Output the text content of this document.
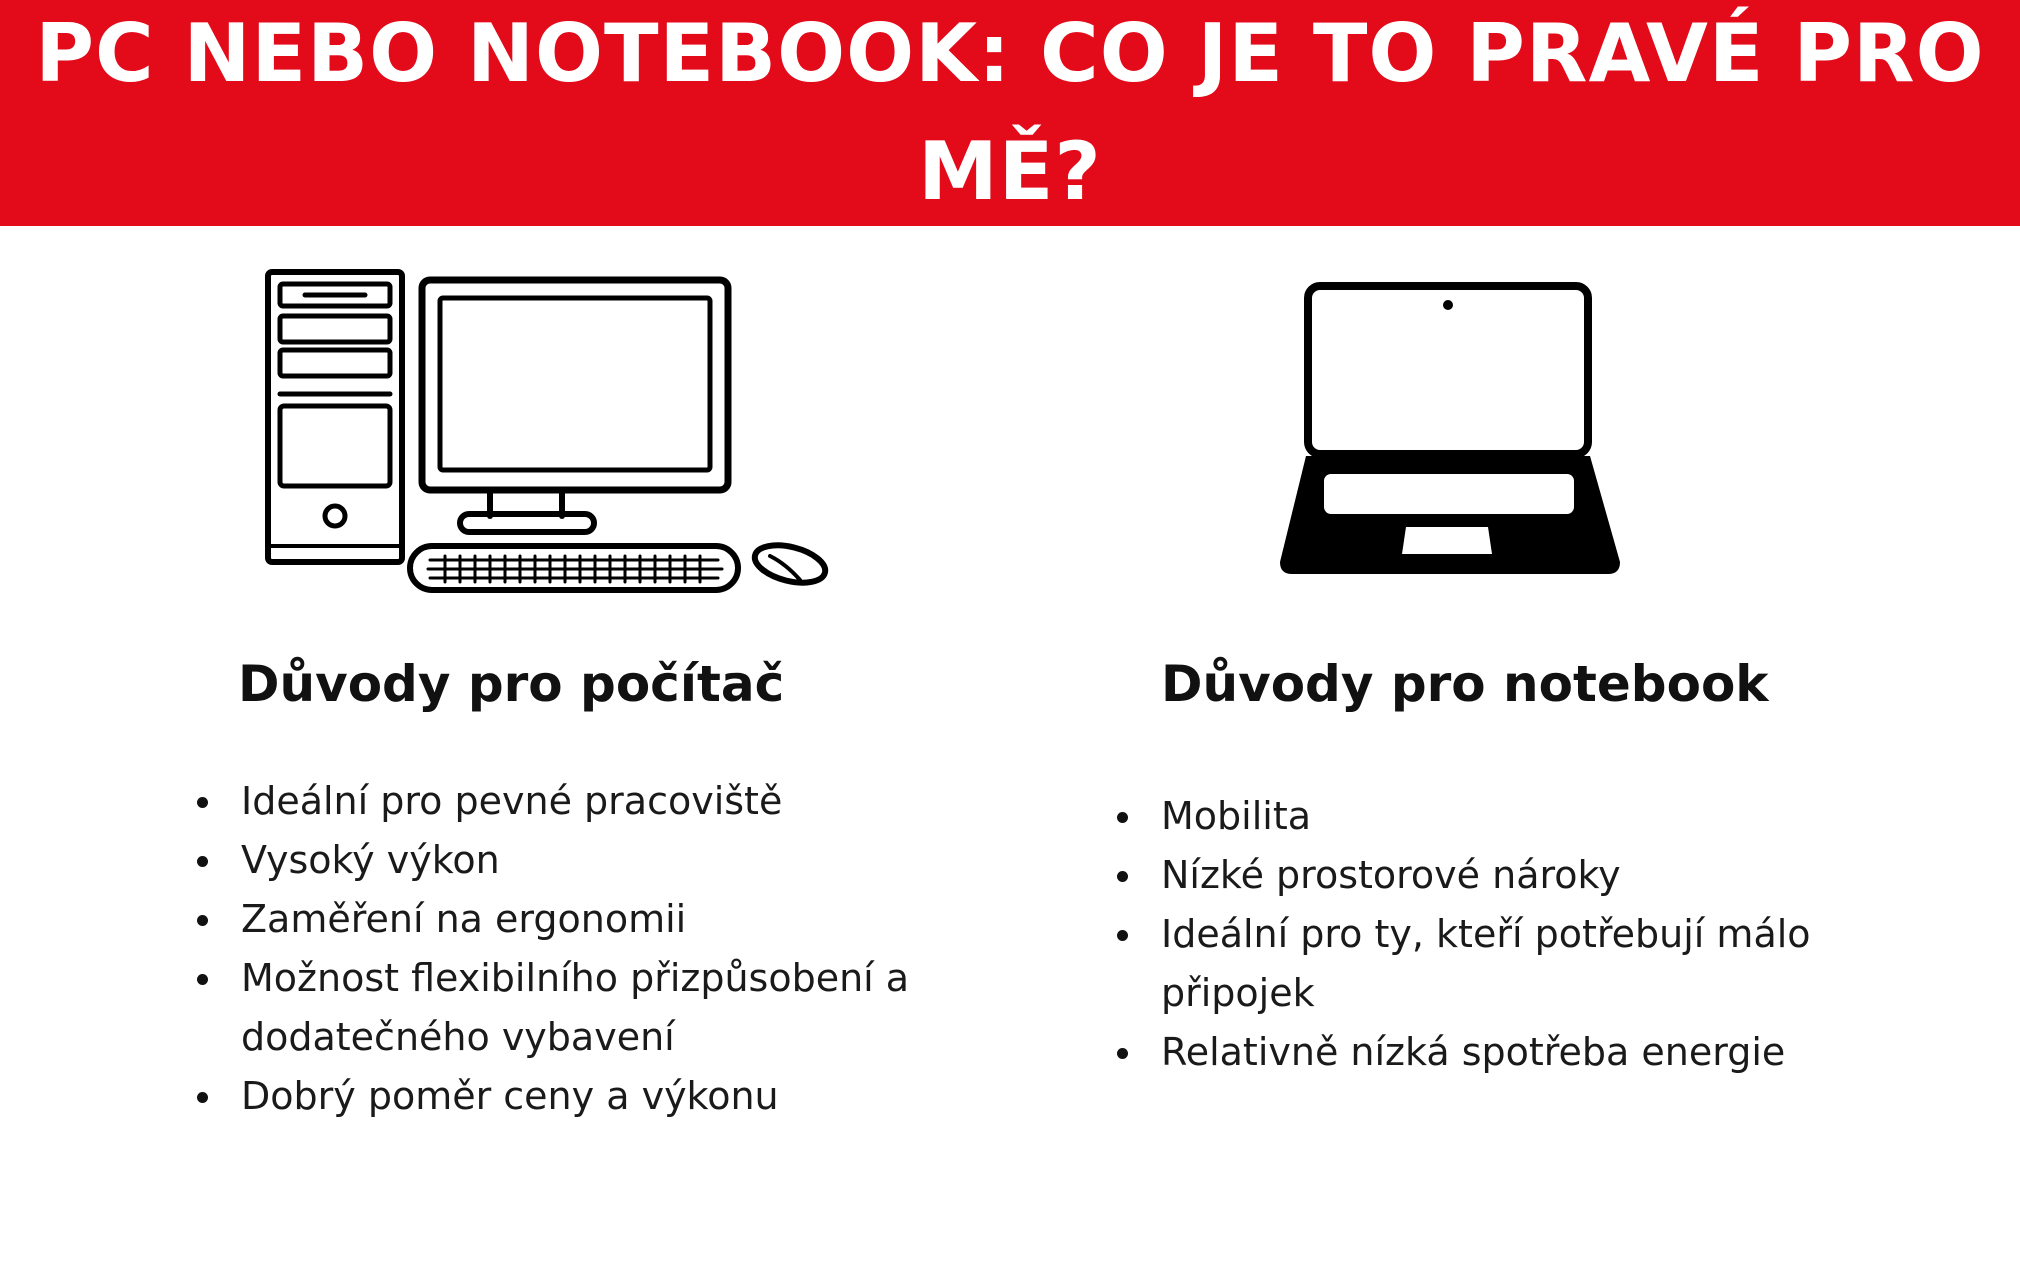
PC NEBO NOTEBOOK: CO JE TO PRAVÉ PRO MĚ?
Důvody pro počítač	Důvody pro notebook
Ideální pro pevné pracoviště
Vysoký výkon
Zaměření na ergonomii
Možnost flexibilního přizpůsobení a dodatečného vybavení
Dobrý poměr ceny a výkonu
Mobilita
Nízké prostorové nároky
Ideální pro ty, kteří potřebují málo připojek
Relativně nízká spotřeba energie
